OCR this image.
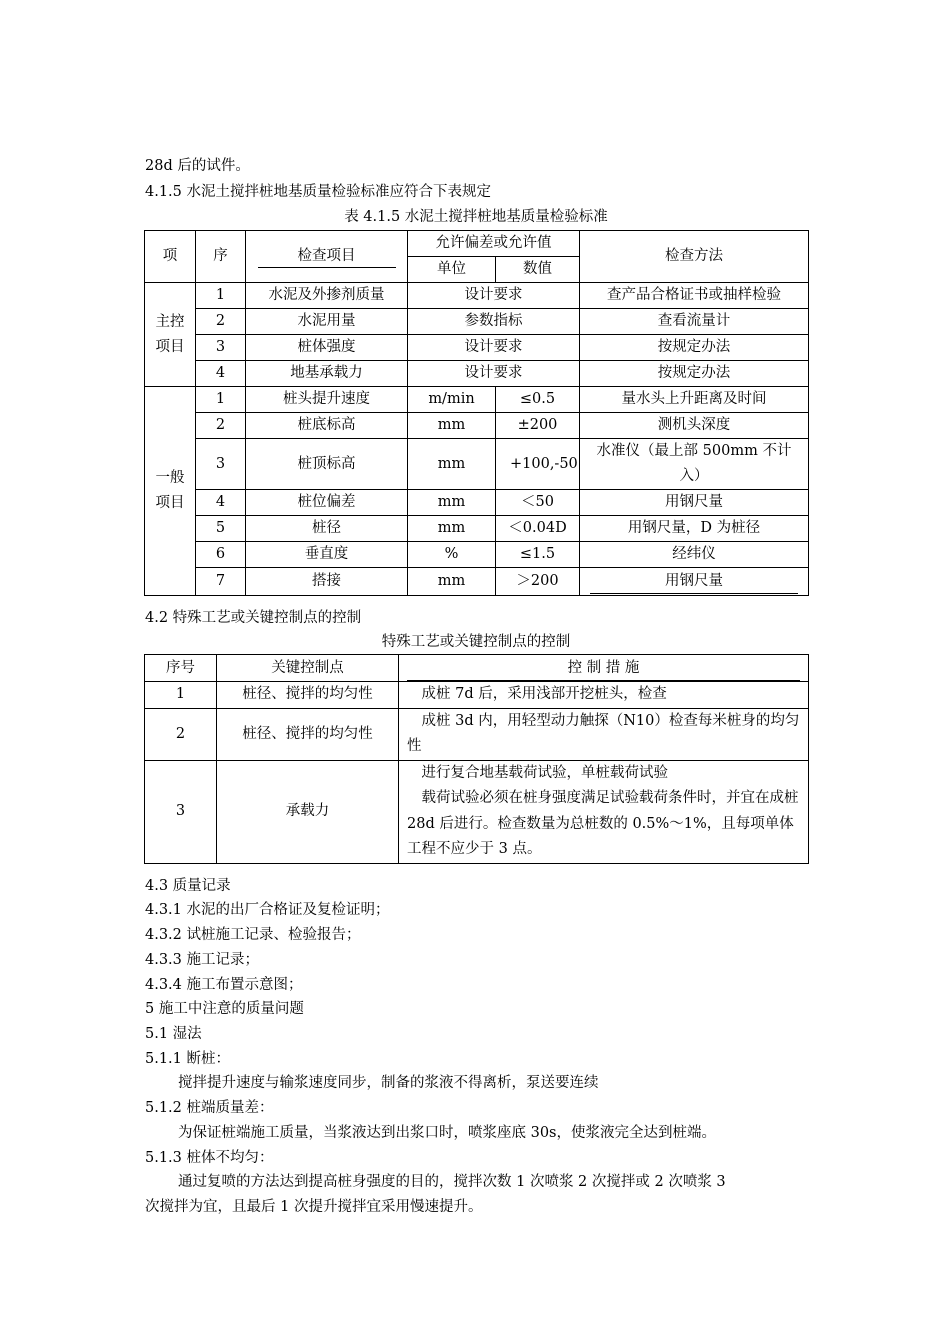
28d 后的试件。
4.1.5 水泥土搅拌桩地基质量检验标准应符合下表规定
表 4.1.5 水泥土搅拌桩地基质量检验标准
项	序	检查项目	允许偏差或允许值		检查方法
			单位	数值	
主控
项目	1	水泥及外掺剂质量	设计要求		查产品合格证书或抽样检验
	2	水泥用量	参数指标		查看流量计
	3	桩体强度	设计要求		按规定办法
	4	地基承载力	设计要求		按规定办法
一般
项目	1	桩头提升速度	m/min	≤0.5	量水头上升距离及时间
	2	桩底标高	mm	±200	测机头深度
	3	桩顶标高	mm	+100,-50	水准仪（最上部 500mm 不计入）
	4	桩位偏差	mm	＜50	用钢尺量
	5	桩径	mm	＜0.04D	用钢尺量，D 为桩径
	6	垂直度	%	≤1.5	经纬仪
	7	搭接	mm	＞200	用钢尺量
4.2 特殊工艺或关键控制点的控制
特殊工艺或关键控制点的控制
序号	关键控制点	控 制 措 施

1	桩径、搅拌的均匀性	　成桩 7d 后，采用浅部开挖桩头，检查
2	桩径、搅拌的均匀性	　成桩 3d 内，用轻型动力触探（N10）检查每米桩身的均匀性
3	承载力	　进行复合地基载荷试验，单桩载荷试验
　载荷试验必须在桩身强度满足试验载荷条件时，并宜在成桩 28d 后进行。检查数量为总桩数的 0.5%～1%，且每项单体工程不应少于 3 点。
4.3 质量记录
4.3.1 水泥的出厂合格证及复检证明；
4.3.2 试桩施工记录、检验报告；
4.3.3 施工记录；
4.3.4 施工布置示意图；
5 施工中注意的质量问题
5.1 湿法
5.1.1 断桩：
搅拌提升速度与输浆速度同步，制备的浆液不得离析，泵送要连续
5.1.2 桩端质量差：
为保证桩端施工质量，当浆液达到出浆口时，喷浆座底 30s，使浆液完全达到桩端。
5.1.3 桩体不均匀：
通过复喷的方法达到提高桩身强度的目的，搅拌次数 1 次喷浆 2 次搅拌或 2 次喷浆 3
次搅拌为宜，且最后 1 次提升搅拌宜采用慢速提升。
